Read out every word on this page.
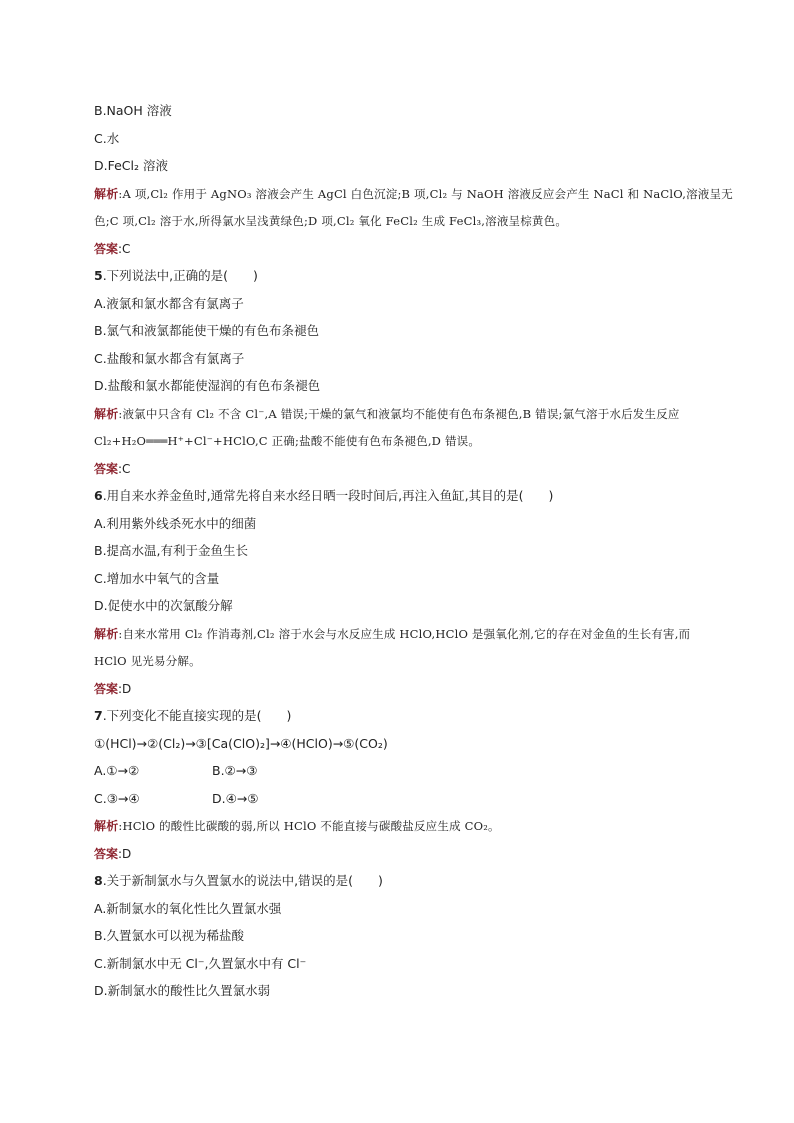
B.NaOH 溶液
C.水
D.FeCl₂ 溶液
解析:A 项,Cl₂ 作用于 AgNO₃ 溶液会产生 AgCl 白色沉淀;B 项,Cl₂ 与 NaOH 溶液反应会产生 NaCl 和 NaClO,溶液呈无
色;C 项,Cl₂ 溶于水,所得氯水呈浅黄绿色;D 项,Cl₂ 氧化 FeCl₂ 生成 FeCl₃,溶液呈棕黄色。
答案:C
5.下列说法中,正确的是(　　)
A.液氯和氯水都含有氯离子
B.氯气和液氯都能使干燥的有色布条褪色
C.盐酸和氯水都含有氯离子
D.盐酸和氯水都能使湿润的有色布条褪色
解析:液氯中只含有 Cl₂ 不含 Cl⁻,A 错误;干燥的氯气和液氯均不能使有色布条褪色,B 错误;氯气溶于水后发生反应
Cl₂+H₂O═══H⁺+Cl⁻+HClO,C 正确;盐酸不能使有色布条褪色,D 错误。
答案:C
6.用自来水养金鱼时,通常先将自来水经日晒一段时间后,再注入鱼缸,其目的是(　　)
A.利用紫外线杀死水中的细菌
B.提高水温,有利于金鱼生长
C.增加水中氧气的含量
D.促使水中的次氯酸分解
解析:自来水常用 Cl₂ 作消毒剂,Cl₂ 溶于水会与水反应生成 HClO,HClO 是强氧化剂,它的存在对金鱼的生长有害,而
HClO 见光易分解。
答案:D
7.下列变化不能直接实现的是(　　)
①(HCl)→②(Cl₂)→③[Ca(ClO)₂]→④(HClO)→⑤(CO₂)
A.①→②	B.②→③
C.③→④	D.④→⑤
解析:HClO 的酸性比碳酸的弱,所以 HClO 不能直接与碳酸盐反应生成 CO₂。
答案:D
8.关于新制氯水与久置氯水的说法中,错误的是(　　)
A.新制氯水的氧化性比久置氯水强
B.久置氯水可以视为稀盐酸
C.新制氯水中无 Cl⁻,久置氯水中有 Cl⁻
D.新制氯水的酸性比久置氯水弱
